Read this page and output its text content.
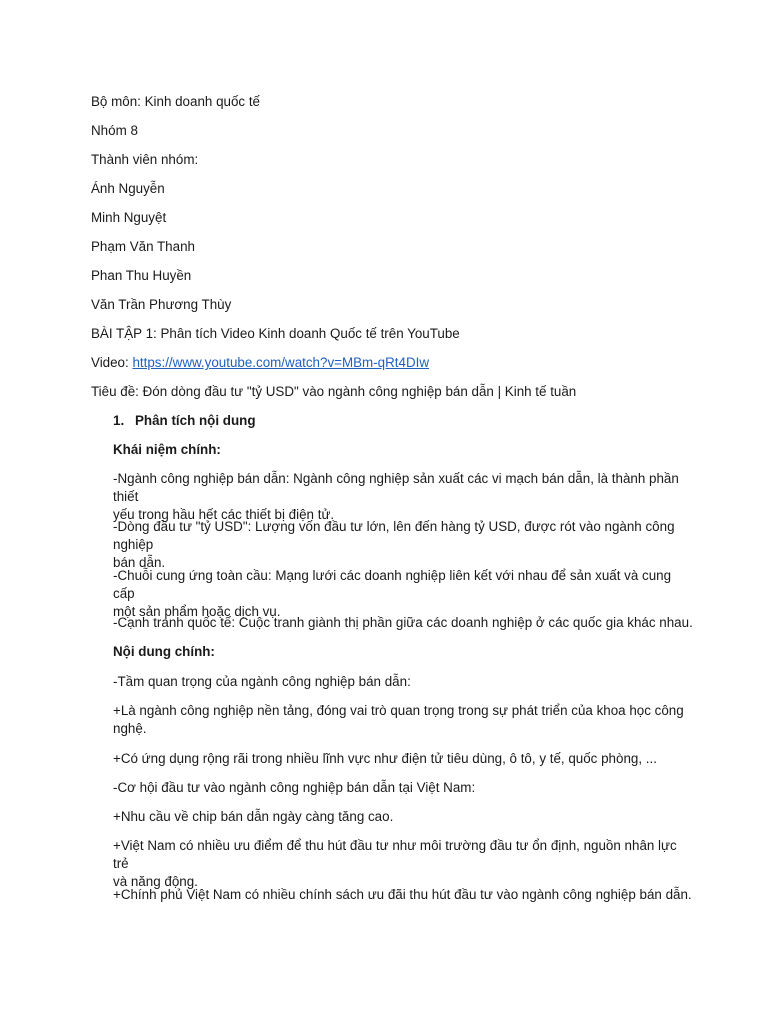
Bộ môn: Kinh doanh quốc tế
Nhóm 8
Thành viên nhóm:
Ánh Nguyễn
Minh Nguyệt
Phạm Văn Thanh
Phan Thu Huyền
Văn Trần Phương Thùy
BÀI TẬP 1: Phân tích Video Kinh doanh Quốc tế trên YouTube
Video: https://www.youtube.com/watch?v=MBm-qRt4DIw
Tiêu đề: Đón dòng đầu tư "tỷ USD" vào ngành công nghiệp bán dẫn | Kinh tế tuần
1. Phân tích nội dung
Khái niệm chính:
-Ngành công nghiệp bán dẫn: Ngành công nghiệp sản xuất các vi mạch bán dẫn, là thành phần thiết
yếu trong hầu hết các thiết bị điện tử.
-Dòng đầu tư "tỷ USD": Lượng vốn đầu tư lớn, lên đến hàng tỷ USD, được rót vào ngành công nghiệp
bán dẫn.
-Chuỗi cung ứng toàn cầu: Mạng lưới các doanh nghiệp liên kết với nhau để sản xuất và cung cấp
một sản phẩm hoặc dịch vụ.
-Cạnh tranh quốc tế: Cuộc tranh giành thị phần giữa các doanh nghiệp ở các quốc gia khác nhau.
Nội dung chính:
-Tầm quan trọng của ngành công nghiệp bán dẫn:
+Là ngành công nghiệp nền tảng, đóng vai trò quan trọng trong sự phát triển của khoa học công
nghệ.
+Có ứng dụng rộng rãi trong nhiều lĩnh vực như điện tử tiêu dùng, ô tô, y tế, quốc phòng, ...
-Cơ hội đầu tư vào ngành công nghiệp bán dẫn tại Việt Nam:
+Nhu cầu về chip bán dẫn ngày càng tăng cao.
+Việt Nam có nhiều ưu điểm để thu hút đầu tư như môi trường đầu tư ổn định, nguồn nhân lực trẻ
và năng động.
+Chính phủ Việt Nam có nhiều chính sách ưu đãi thu hút đầu tư vào ngành công nghiệp bán dẫn.
